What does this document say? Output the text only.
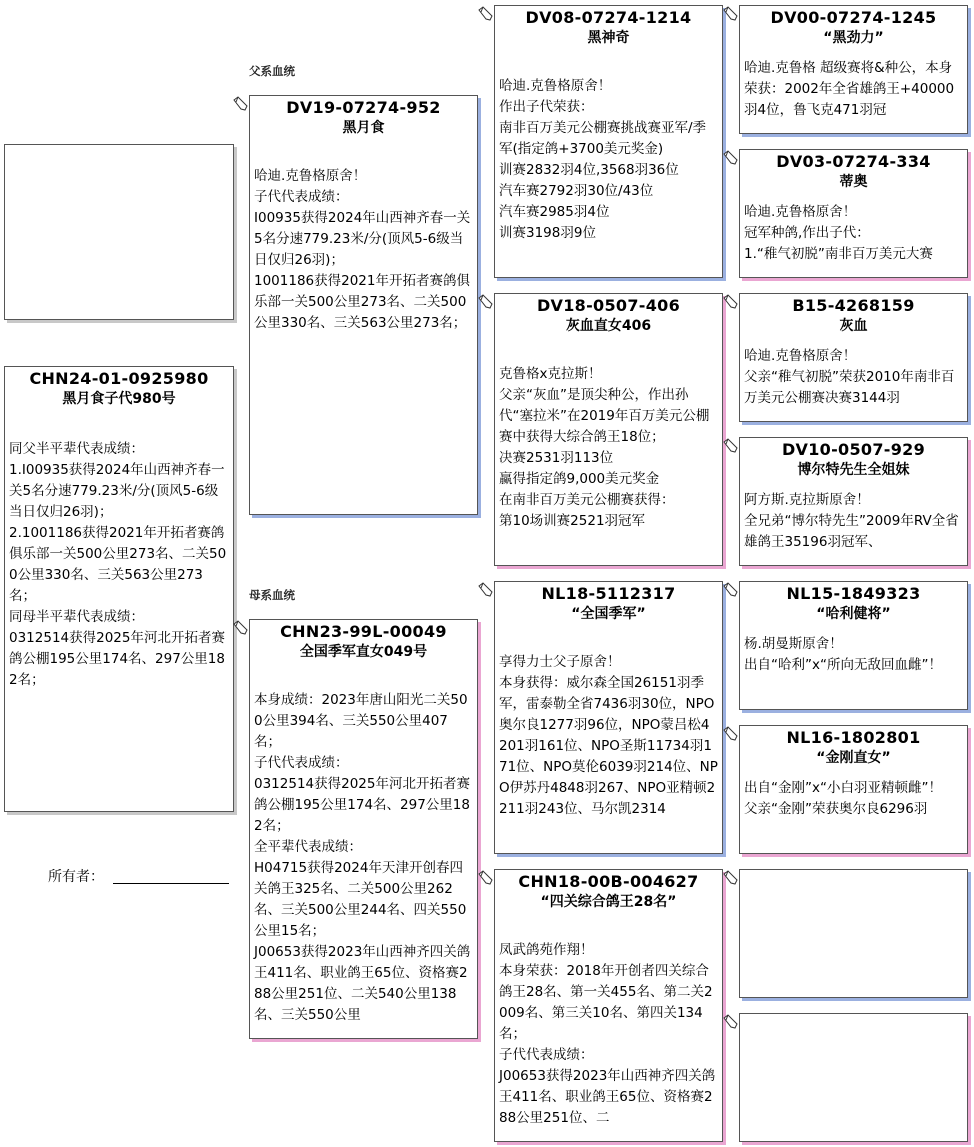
父系血统
母系血统
CHN24-01-0925980
黑月食子代980号
同父半平辈代表成绩：
1.I00935获得2024年山西神齐春一关5名分速779.23米/分(顶风5-6级当日仅归26羽)；
2.1001186获得2021年开拓者赛鸽俱乐部一关500公里273名、二关500公里330名、三关563公里273名；
同母半平辈代表成绩：
0312514获得2025年河北开拓者赛鸽公棚195公里174名、297公里182名；
所有者：
DV19-07274-952
黑月食
哈迪.克鲁格原舍！
子代代表成绩：
I00935获得2024年山西神齐春一关5名分速779.23米/分(顶风5-6级当日仅归26羽)；
1001186获得2021年开拓者赛鸽俱乐部一关500公里273名、二关500公里330名、三关563公里273名；
CHN23-99L-00049
全国季军直女049号
本身成绩：2023年唐山阳光二关500公里394名、三关550公里407名；
子代代表成绩：
0312514获得2025年河北开拓者赛鸽公棚195公里174名、297公里182名；
全平辈代表成绩：
H04715获得2024年天津开创春四关鸽王325名、二关500公里262名、三关500公里244名、四关550公里15名；
J00653获得2023年山西神齐四关鸽王411名、职业鸽王65位、资格赛288公里251位、二关540公里138名、三关550公里
DV08-07274-1214
黑神奇
哈迪.克鲁格原舍！
作出子代荣获：
南非百万美元公棚赛挑战赛亚军/季军(指定鸽+3700美元奖金)
训赛2832羽4位,3568羽36位
汽车赛2792羽30位/43位
汽车赛2985羽4位
训赛3198羽9位
DV18-0507-406
灰血直女406
克鲁格x克拉斯！
父亲“灰血”是顶尖种公，作出孙代“塞拉米”在2019年百万美元公棚赛中获得大综合鸽王18位；
决赛2531羽113位
赢得指定鸽9,000美元奖金
在南非百万美元公棚赛获得：
第10场训赛2521羽冠军
NL18-5112317
“全国季军”
享得力士父子原舍！
本身获得：威尔森全国26151羽季军，雷泰勒全省7436羽30位，NPO奥尔良1277羽96位，NPO蒙吕松4201羽161位、NPO圣斯11734羽171位、NPO莫伦6039羽214位、NPO伊苏丹4848羽267、NPO亚精顿2211羽243位、马尔凯2314
CHN18-00B-004627
“四关综合鸽王28名”
凤武鸽苑作翔！
本身荣获：2018年开创者四关综合鸽王28名、第一关455名、第二关2009名、第三关10名、第四关134名；
子代代表成绩：
J00653获得2023年山西神齐四关鸽王411名、职业鸽王65位、资格赛288公里251位、二
DV00-07274-1245
“黑劲力”
哈迪.克鲁格 超级赛将&种公，本身荣获：2002年全省雄鸽王+40000羽4位，鲁飞克471羽冠
DV03-07274-334
蒂奥
哈迪.克鲁格原舍！
冠军种鸽,作出子代：
1.“稚气初脱”南非百万美元大赛
B15-4268159
灰血
哈迪.克鲁格原舍！
父亲“稚气初脱”荣获2010年南非百万美元公棚赛决赛3144羽
DV10-0507-929
博尔特先生全姐妹
阿方斯.克拉斯原舍！
全兄弟“博尔特先生”2009年RV全省雄鸽王35196羽冠军、
NL15-1849323
“哈利健将”
杨.胡曼斯原舍！
出自“哈利”x“所向无敌回血雌”！
NL16-1802801
“金刚直女”
出自“金刚”x“小白羽亚精顿雌”！
父亲“金刚”荣获奥尔良6296羽
